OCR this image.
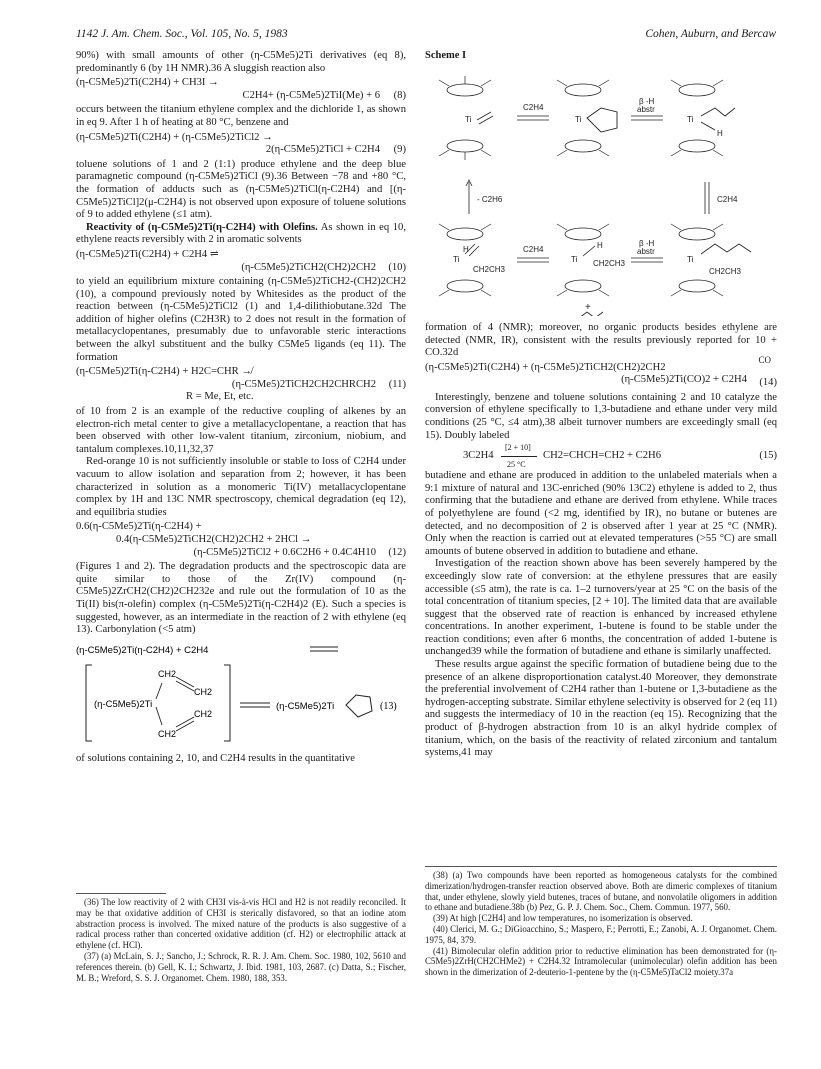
1142 J. Am. Chem. Soc., Vol. 105, No. 5, 1983	Cohen, Auburn, and Bercaw

90%) with small amounts of other (η-C5Me5)2Ti derivatives (eq 8), predominantly 6 (by 1H NMR).36 A sluggish reaction also

(η-C5Me5)2Ti(C2H4) + CH3I →
C2H4+ (η-C5Me5)2TiI(Me) + 6	(8)

occurs between the titanium ethylene complex and the dichloride 1, as shown in eq 9. After 1 h of heating at 80 °C, benzene and

(η-C5Me5)2Ti(C2H4) + (η-C5Me5)2TiCl2 →
2(η-C5Me5)2TiCl + C2H4	(9)

toluene solutions of 1 and 2 (1:1) produce ethylene and the deep blue paramagnetic compound (η-C5Me5)2TiCl (9).36 Between −78 and +80 °C, the formation of adducts such as (η-C5Me5)2TiCl(η-C2H4) and [(η-C5Me5)2TiCl]2(μ-C2H4) is not observed upon exposure of toluene solutions of 9 to added ethylene (≤1 atm).

Reactivity of (η-C5Me5)2Ti(η-C2H4) with Olefins. As shown in eq 10, ethylene reacts reversibly with 2 in aromatic solvents

(η-C5Me5)2Ti(C2H4) + C2H4 ⇌
(η-C5Me5)2TiCH2(CH2)2CH2	(10)

to yield an equilibrium mixture containing (η-C5Me5)2TiCH2-(CH2)2CH2 (10), a compound previously noted by Whitesides as the product of the reaction between (η-C5Me5)2TiCl2 (1) and 1,4-dilithiobutane.32d The addition of higher olefins (C2H3R) to 2 does not result in the formation of metallacyclopentanes, presumably due to unfavorable steric interactions between the alkyl substituent and the bulky C5Me5 ligands (eq 11). The formation

(η-C5Me5)2Ti(η-C2H4) + H2C=CHR ↛
(η-C5Me5)2TiCH2CH2CHRCH2 (11)
R = Me, Et, etc.

of 10 from 2 is an example of the reductive coupling of alkenes by an electron-rich metal center to give a metallacyclopentane, a reaction that has been observed with other low-valent titanium, zirconium, niobium, and tantalum complexes.10,11,32,37

Red-orange 10 is not sufficiently insoluble or stable to loss of C2H4 under vacuum to allow isolation and separation from 2; however, it has been characterized in solution as a monomeric Ti(IV) metallacyclopentane complex by 1H and 13C NMR spectroscopy, chemical degradation (eq 12), and equilibria studies

0.6(η-C5Me5)2Ti(η-C2H4) +
0.4(η-C5Me5)2TiCH2(CH2)2CH2 + 2HCl →
(η-C5Me5)2TiCl2 + 0.6C2H6 + 0.4C4H10	(12)

(Figures 1 and 2). The degradation products and the spectroscopic data are quite similar to those of the Zr(IV) compound (η-C5Me5)2ZrCH2(CH2)2CH232e and rule out the formulation of 10 as the Ti(II) bis(π-olefin) complex (η-C5Me5)2Ti(η-C2H4)2 (E). Such a species is suggested, however, as an intermediate in the reaction of 2 with ethylene (eq 13). Carbonylation (<5 atm)

(η-C5Me5)2Ti(η-C2H4) + C2H4
(η-C5Me5)2Ti
CH2
CH2
CH2
CH2
(η-C5Me5)2Ti	(13)

of solutions containing 2, 10, and C2H4 results in the quantitative

Scheme I
Ti
C2H4
Ti
β -H
abstr
Ti
H
- C2H6	C2H4
Ti
H
CH2CH3
C2H4
Ti
H
CH2CH3
β -H
abstr
Ti
CH2CH3
+

formation of 4 (NMR); moreover, no organic products besides ethylene are detected (NMR, IR), consistent with the results previously reported for 10 + CO.32d

(η-C5Me5)2Ti(C2H4) + (η-C5Me5)2TiCH2(CH2)2CH2
CO
(η-C5Me5)2Ti(CO)2 + C2H4	(14)

Interestingly, benzene and toluene solutions containing 2 and 10 catalyze the conversion of ethylene specifically to 1,3-butadiene and ethane under very mild conditions (25 °C, ≤4 atm),38 albeit turnover numbers are exceedingly small (eq 15). Doubly labeled

3C2H4
[2 + 10]
25 °C
CH2=CHCH=CH2 + C2H6	(15)

butadiene and ethane are produced in addition to the unlabeled materials when a 9:1 mixture of natural and 13C-enriched (90% 13C2) ethylene is added to 2, thus confirming that the butadiene and ethane are derived from ethylene. While traces of polyethylene are found (<2 mg, identified by IR), no butane or butenes are detected, and no decomposition of 2 is observed after 1 year at 25 °C (NMR). Only when the reaction is carried out at elevated temperatures (>55 °C) are small amounts of butene observed in addition to butadiene and ethane.

Investigation of the reaction shown above has been severely hampered by the exceedingly slow rate of conversion: at the ethylene pressures that are easily accessible (≤5 atm), the rate is ca. 1–2 turnovers/year at 25 °C on the basis of the total concentration of titanium species, [2 + 10]. The limited data that are available suggest that the observed rate of reaction is enhanced by increased ethylene concentrations. In another experiment, 1-butene is found to be stable under the reaction conditions; even after 6 months, the concentration of added 1-butene is unchanged39 while the formation of butadiene and ethane is similarly unaffected.

These results argue against the specific formation of butadiene being due to the presence of an alkene disproportionation catalyst.40 Moreover, they demonstrate the preferential involvement of C2H4 rather than 1-butene or 1,3-butadiene as the hydrogen-accepting substrate. Similar ethylene selectivity is observed for 2 (eq 11) and suggests the intermediacy of 10 in the reaction (eq 15). Recognizing that the product of β-hydrogen abstraction from 10 is an alkyl hydride complex of titanium, which, on the basis of the reactivity of related zirconium and tantalum systems,41 may

(36) The low reactivity of 2 with CH3I vis-à-vis HCl and H2 is not readily reconciled. It may be that oxidative addition of CH3I is sterically disfavored, so that an iodine atom abstraction process is involved. The mixed nature of the products is also suggestive of a radical process rather than concerted oxidative addition (cf. H2) or electrophilic attack at ethylene (cf. HCl).

(37) (a) McLain, S. J.; Sancho, J.; Schrock, R. R. J. Am. Chem. Soc. 1980, 102, 5610 and references therein. (b) Gell, K. I.; Schwartz, J. Ibid. 1981, 103, 2687. (c) Datta, S.; Fischer, M. B.; Wreford, S. S. J. Organomet. Chem. 1980, 188, 353.

(38) (a) Two compounds have been reported as homogeneous catalysts for the combined dimerization/hydrogen-transfer reaction observed above. Both are dimeric complexes of titanium that, under ethylene, slowly yield butenes, traces of butane, and nonvolatile oligomers in addition to ethane and butadiene.38b (b) Pez, G. P. J. Chem. Soc., Chem. Commun. 1977, 560.

(39) At high [C2H4] and low temperatures, no isomerization is observed.

(40) Clerici, M. G.; DiGioacchino, S.; Maspero, F.; Perrotti, E.; Zanobi, A. J. Organomet. Chem. 1975, 84, 379.

(41) Bimolecular olefin addition prior to reductive elimination has been demonstrated for (η-C5Me5)2ZrH(CH2CHMe2) + C2H4.32 Intramolecular (unimolecular) olefin addition has been shown in the dimerization of 2-deuterio-1-pentene by the (η-C5Me5)TaCl2 moiety.37a
